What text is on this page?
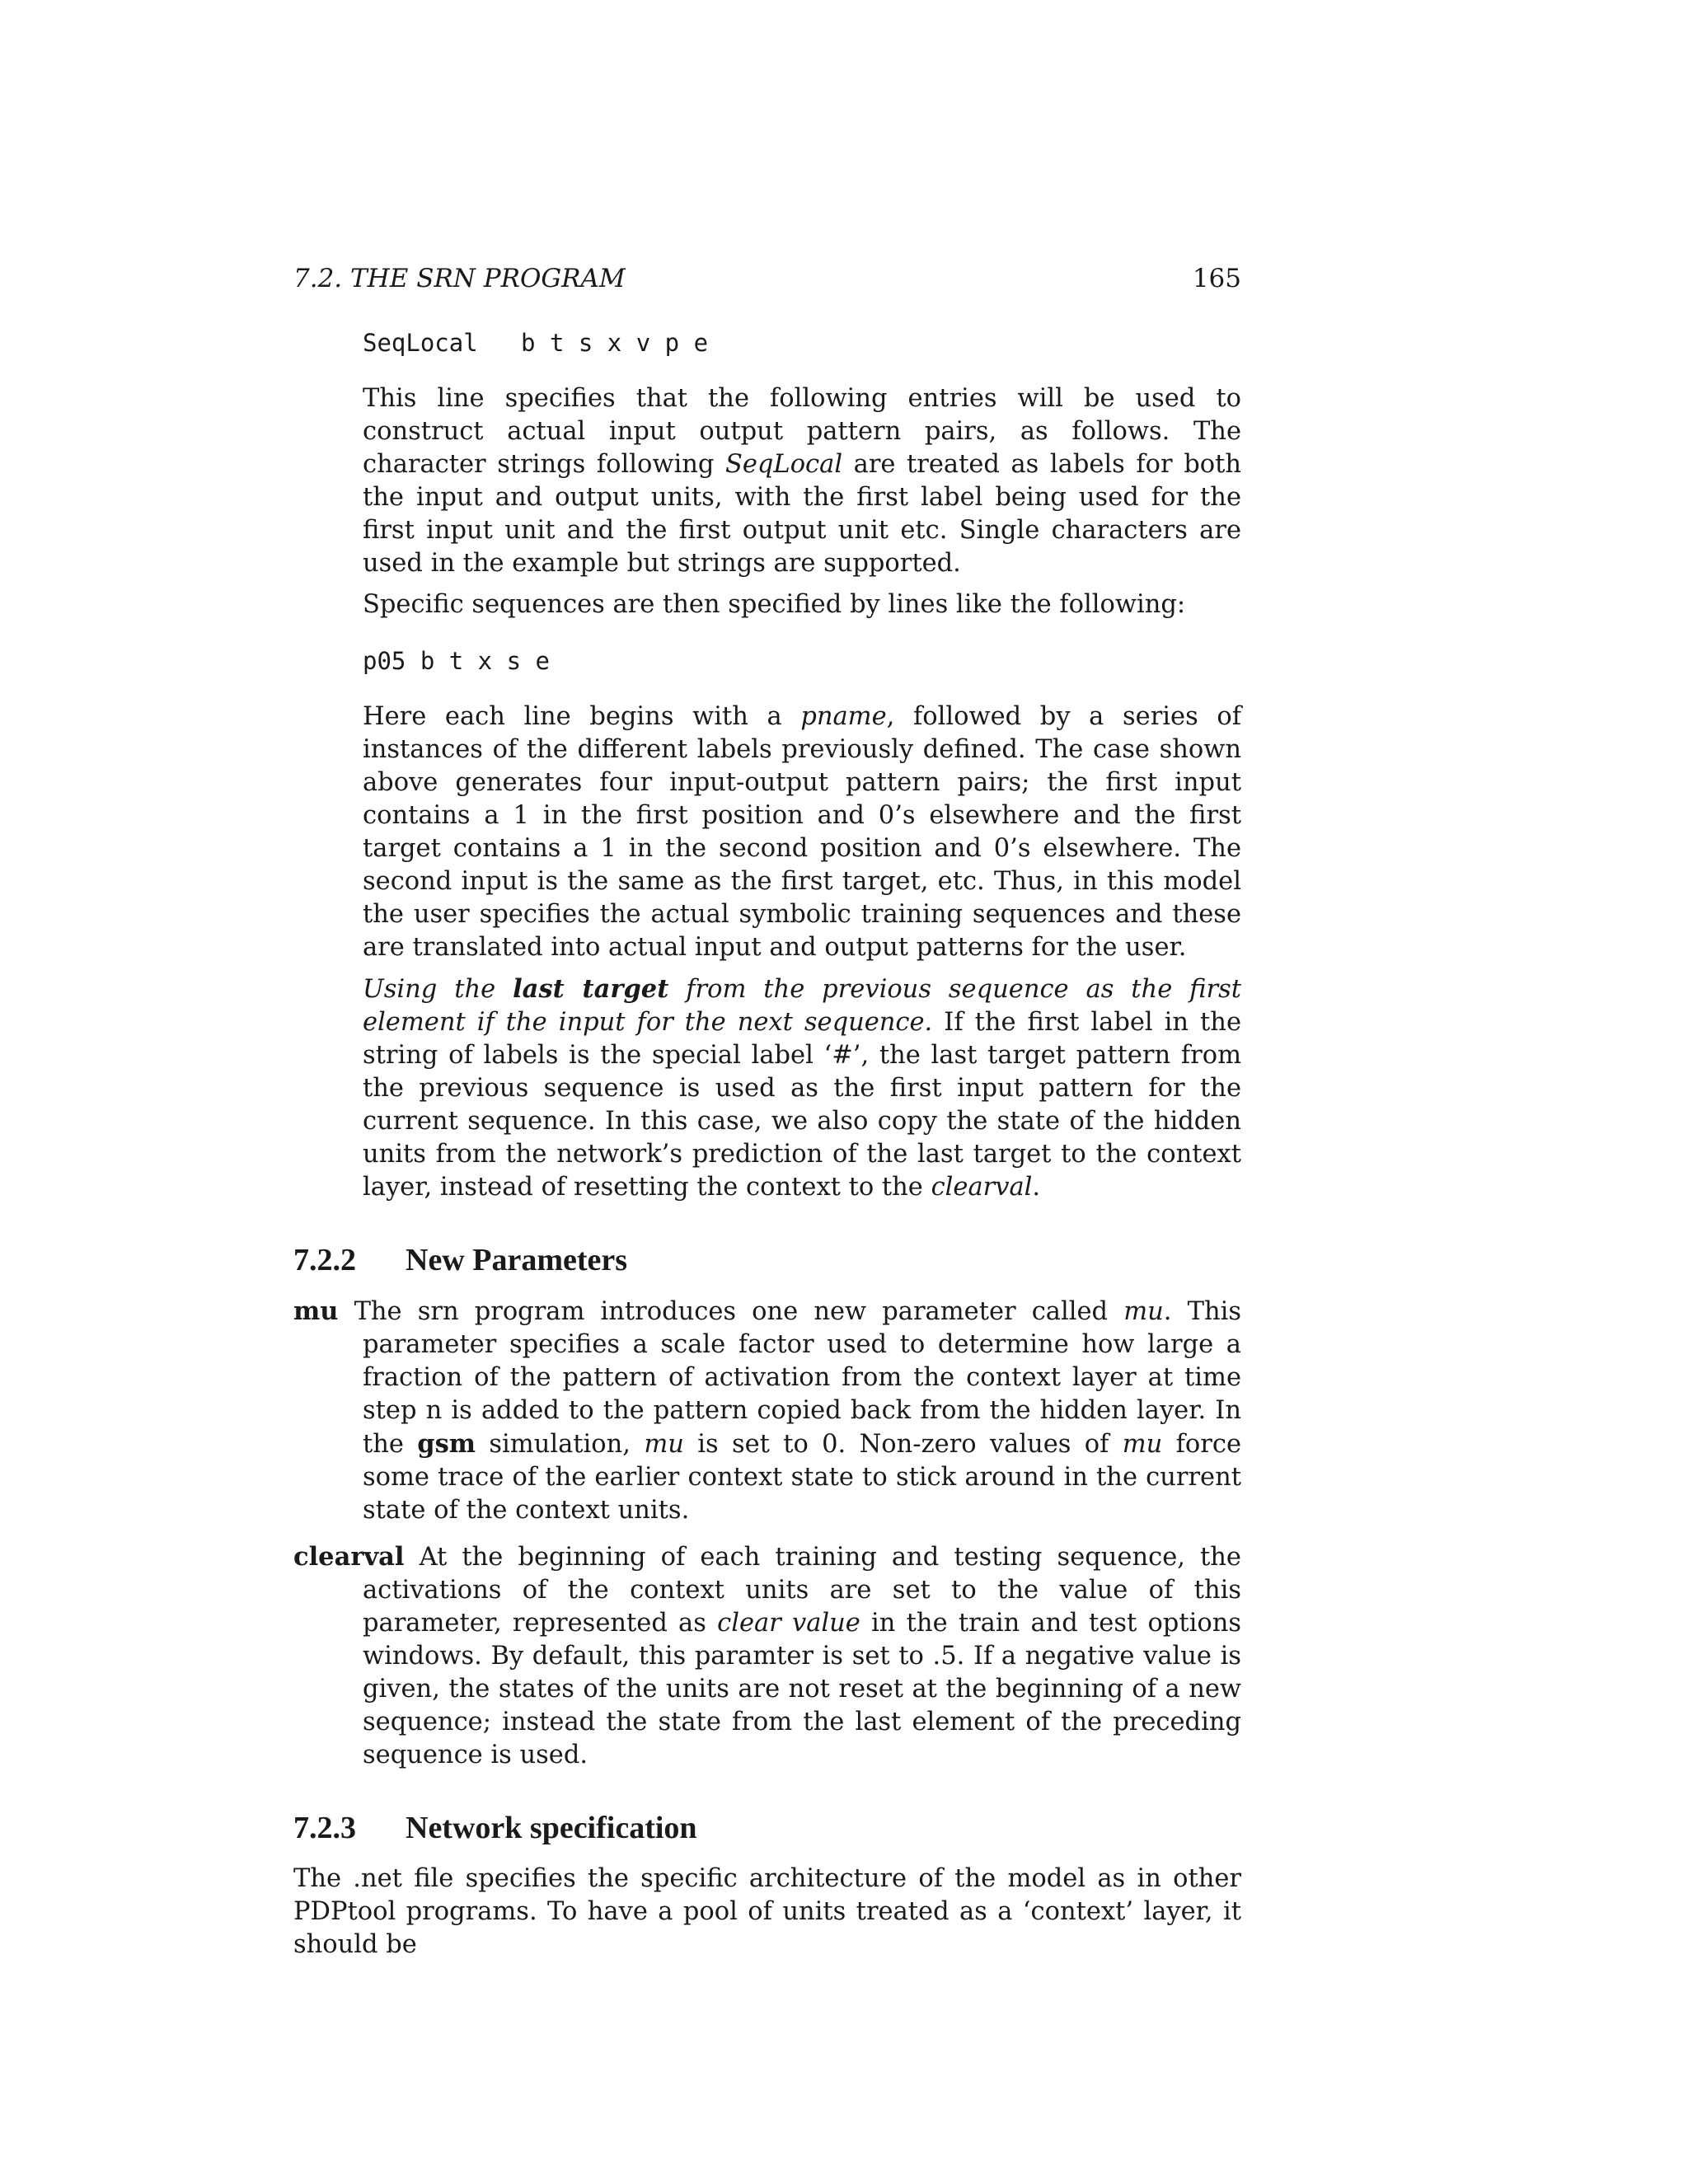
7.2. THE SRN PROGRAM	165
SeqLocal   b t s x v p e

This line specifies that the following entries will be used to construct actual input output pattern pairs, as follows. The character strings following SeqLocal are treated as labels for both the input and output units, with the first label being used for the first input unit and the first output unit etc. Single characters are used in the example but strings are supported.

Specific sequences are then specified by lines like the following:

p05 b t x s e

Here each line begins with a pname, followed by a series of instances of the different labels previously defined. The case shown above generates four input-output pattern pairs; the first input contains a 1 in the first position and 0’s elsewhere and the first target contains a 1 in the second position and 0’s elsewhere. The second input is the same as the first target, etc. Thus, in this model the user specifies the actual symbolic training sequences and these are translated into actual input and output patterns for the user.

Using the last target from the previous sequence as the first element if the input for the next sequence. If the first label in the string of labels is the special label ‘#’, the last target pattern from the previous sequence is used as the first input pattern for the current sequence. In this case, we also copy the state of the hidden units from the network’s prediction of the last target to the context layer, instead of resetting the context to the clearval.

7.2.2	New Parameters

mu The srn program introduces one new parameter called mu. This parameter specifies a scale factor used to determine how large a fraction of the pattern of activation from the context layer at time step n is added to the pattern copied back from the hidden layer. In the gsm simulation, mu is set to 0. Non-zero values of mu force some trace of the earlier context state to stick around in the current state of the context units.

clearval At the beginning of each training and testing sequence, the activations of the context units are set to the value of this parameter, represented as clear value in the train and test options windows. By default, this paramter is set to .5. If a negative value is given, the states of the units are not reset at the beginning of a new sequence; instead the state from the last element of the preceding sequence is used.

7.2.3	Network specification

The .net file specifies the specific architecture of the model as in other PDPtool programs. To have a pool of units treated as a ‘context’ layer, it should be
